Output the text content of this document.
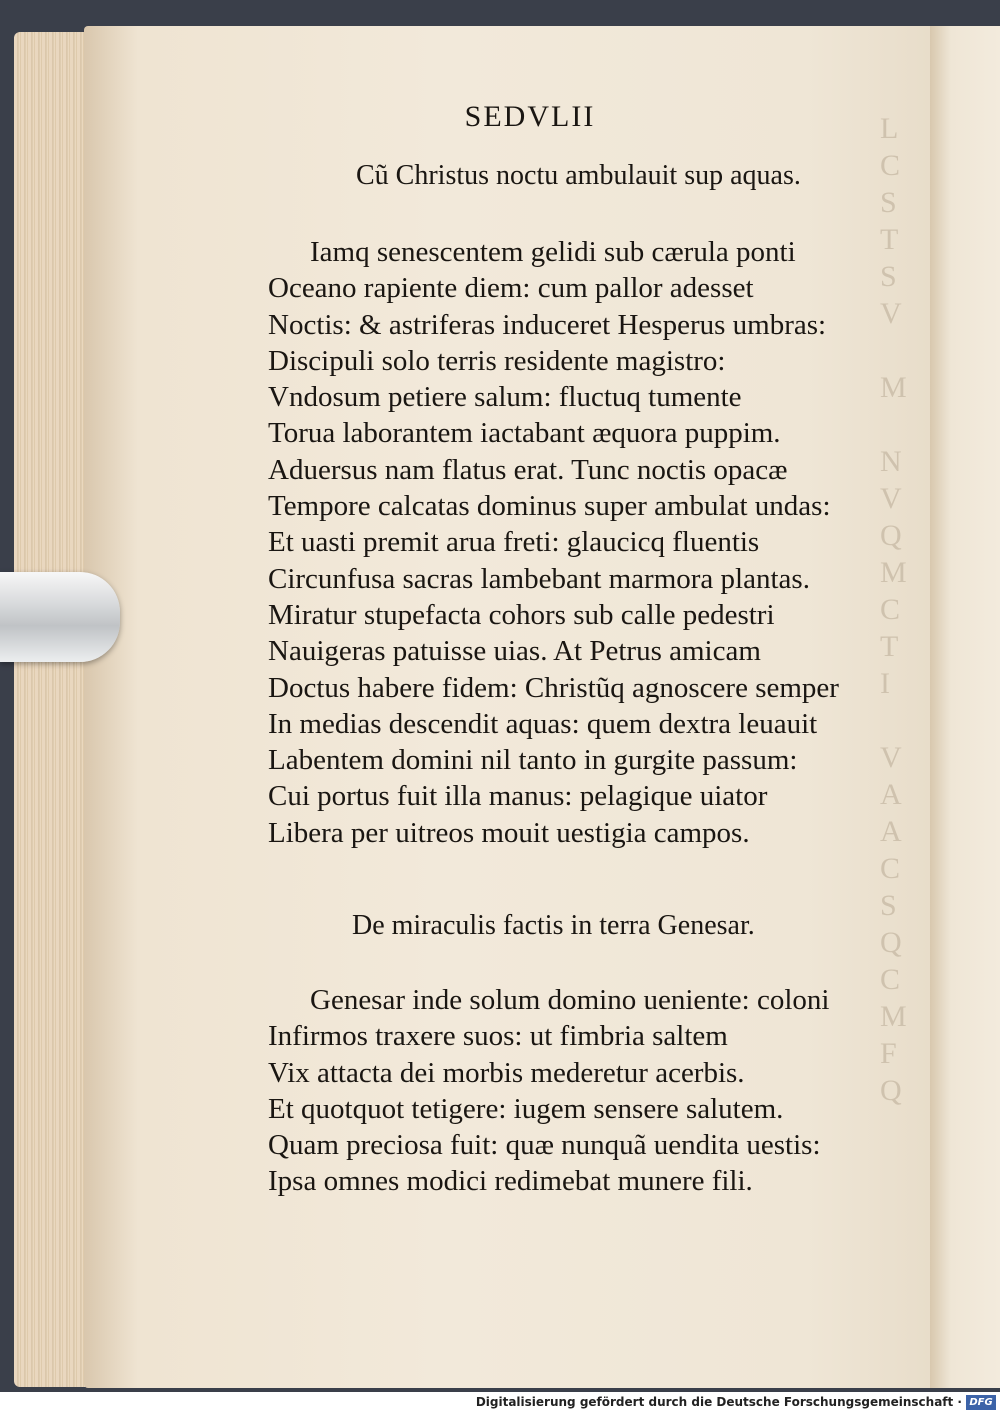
L
C
S
T
S
V

M

N
V
Q
M
C
T
I

V
A
A
C
S
Q
C
M
F
Q
SEDVLII
Cũ Christus noctu ambulauit sup aquas.
Iamq senescentem gelidi sub cærula ponti
Oceano rapiente diem: cum pallor adesset
Noctis: & astriferas induceret Hesperus umbras:
Discipuli solo terris residente magistro:
Vndosum petiere salum: fluctuq tumente
Torua laborantem iactabant æquora puppim.
Aduersus nam flatus erat. Tunc noctis opacæ
Tempore calcatas dominus super ambulat undas:
Et uasti premit arua freti: glaucicq fluentis
Circunfusa sacras lambebant marmora plantas.
Miratur stupefacta cohors sub calle pedestri
Nauigeras patuisse uias. At Petrus amicam
Doctus habere fidem: Christũq agnoscere semper
In medias descendit aquas: quem dextra leuauit
Labentem domini nil tanto in gurgite passum:
Cui portus fuit illa manus: pelagique uiator
Libera per uitreos mouit uestigia campos.
De miraculis factis in terra Genesar.
Genesar inde solum domino ueniente: coloni
Infirmos traxere suos: ut fimbria saltem
Vix attacta dei morbis mederetur acerbis.
Et quotquot tetigere: iugem sensere salutem.
Quam preciosa fuit: quæ nunquã uendita uestis:
Ipsa omnes modici redimebat munere fili.
Digitalisierung gefördert durch die Deutsche Forschungsgemeinschaft · DFG
